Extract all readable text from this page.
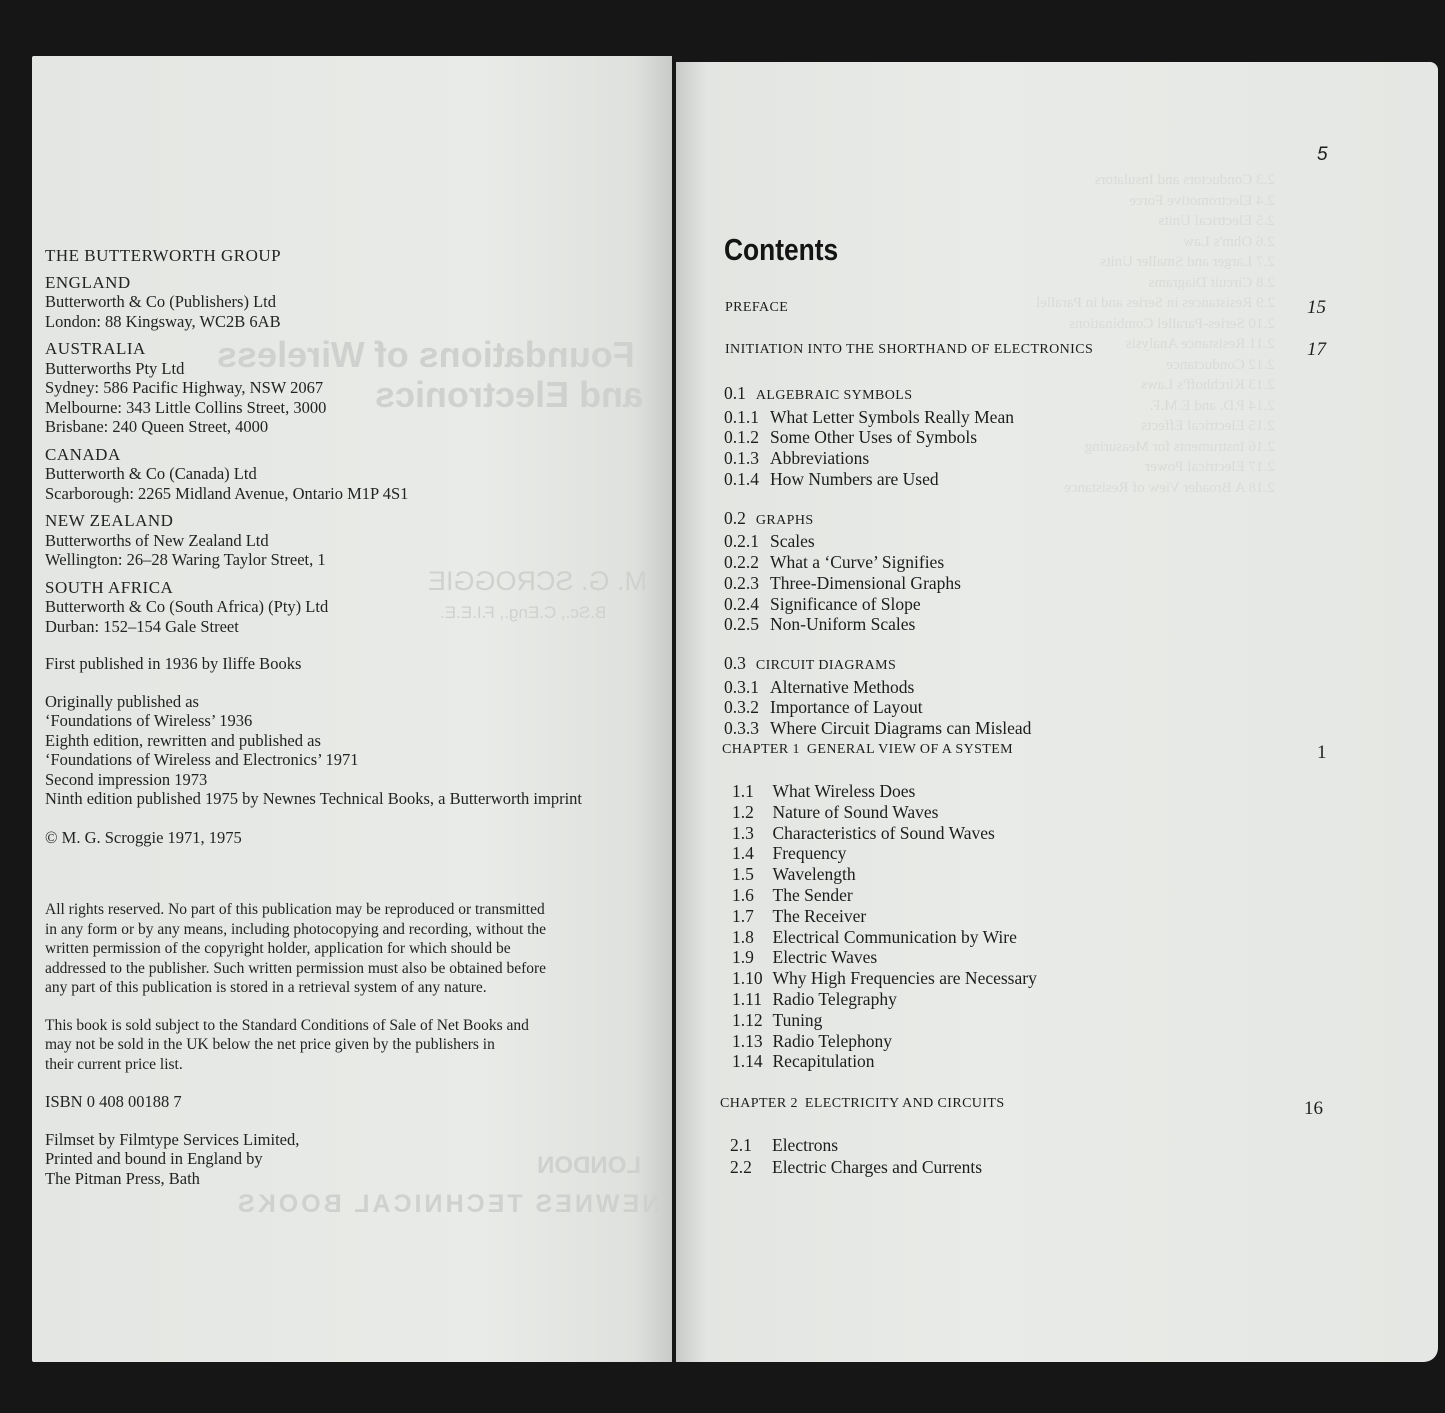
Foundations of Wireless
and Electronics
M. G. SCROGGIE
B.Sc., C.Eng., F.I.E.E.
LONDON
NEWNES TECHNICAL BOOKS
THE BUTTERWORTH GROUP
ENGLAND
Butterworth & Co (Publishers) Ltd
London: 88 Kingsway, WC2B 6AB
AUSTRALIA
Butterworths Pty Ltd
Sydney: 586 Pacific Highway, NSW 2067
Melbourne: 343 Little Collins Street, 3000
Brisbane: 240 Queen Street, 4000
CANADA
Butterworth & Co (Canada) Ltd
Scarborough: 2265 Midland Avenue, Ontario M1P 4S1
NEW ZEALAND
Butterworths of New Zealand Ltd
Wellington: 26–28 Waring Taylor Street, 1
SOUTH AFRICA
Butterworth & Co (South Africa) (Pty) Ltd
Durban: 152–154 Gale Street
First published in 1936 by Iliffe Books
Originally published as
‘Foundations of Wireless’ 1936
Eighth edition, rewritten and published as
‘Foundations of Wireless and Electronics’ 1971
Second impression 1973
Ninth edition published 1975 by Newnes Technical Books, a Butterworth imprint
© M. G. Scroggie 1971, 1975
All rights reserved. No part of this publication may be reproduced or transmitted
in any form or by any means, including photocopying and recording, without the
written permission of the copyright holder, application for which should be
addressed to the publisher. Such written permission must also be obtained before
any part of this publication is stored in a retrieval system of any nature.
This book is sold subject to the Standard Conditions of Sale of Net Books and
may not be sold in the UK below the net price given by the publishers in
their current price list.
ISBN 0 408 00188 7
Filmset by Filmtype Services Limited,
Printed and bound in England by
The Pitman Press, Bath
2.3 Conductors and Insulators
2.4 Electromotive Force
2.5 Electrical Units
2.6 Ohm's Law
2.7 Larger and Smaller Units
2.8 Circuit Diagrams
2.9 Resistances in Series and in Parallel
2.10 Series-Parallel Combinations
2.11 Resistance Analysis
2.12 Conductance
2.13 Kirchhoff's Laws
2.14 P.D. and E.M.F.
2.15 Electrical Effects
2.16 Instruments for Measuring
2.17 Electrical Power
2.18 A Broader View of Resistance
5
Contents
PREFACE	15
INITIATION INTO THE SHORTHAND OF ELECTRONICS	17
0.1 ALGEBRAIC SYMBOLS
0.1.1 What Letter Symbols Really Mean
0.1.2 Some Other Uses of Symbols
0.1.3 Abbreviations
0.1.4 How Numbers are Used
0.2 GRAPHS
0.2.1 Scales
0.2.2 What a ‘Curve’ Signifies
0.2.3 Three-Dimensional Graphs
0.2.4 Significance of Slope
0.2.5 Non-Uniform Scales
0.3 CIRCUIT DIAGRAMS
0.3.1 Alternative Methods
0.3.2 Importance of Layout
0.3.3 Where Circuit Diagrams can Mislead
CHAPTER 1 GENERAL VIEW OF A SYSTEM	1
1.1 What Wireless Does
1.2 Nature of Sound Waves
1.3 Characteristics of Sound Waves
1.4 Frequency
1.5 Wavelength
1.6 The Sender
1.7 The Receiver
1.8 Electrical Communication by Wire
1.9 Electric Waves
1.10 Why High Frequencies are Necessary
1.11 Radio Telegraphy
1.12 Tuning
1.13 Radio Telephony
1.14 Recapitulation
CHAPTER 2 ELECTRICITY AND CIRCUITS	16
2.1 Electrons
2.2 Electric Charges and Currents
